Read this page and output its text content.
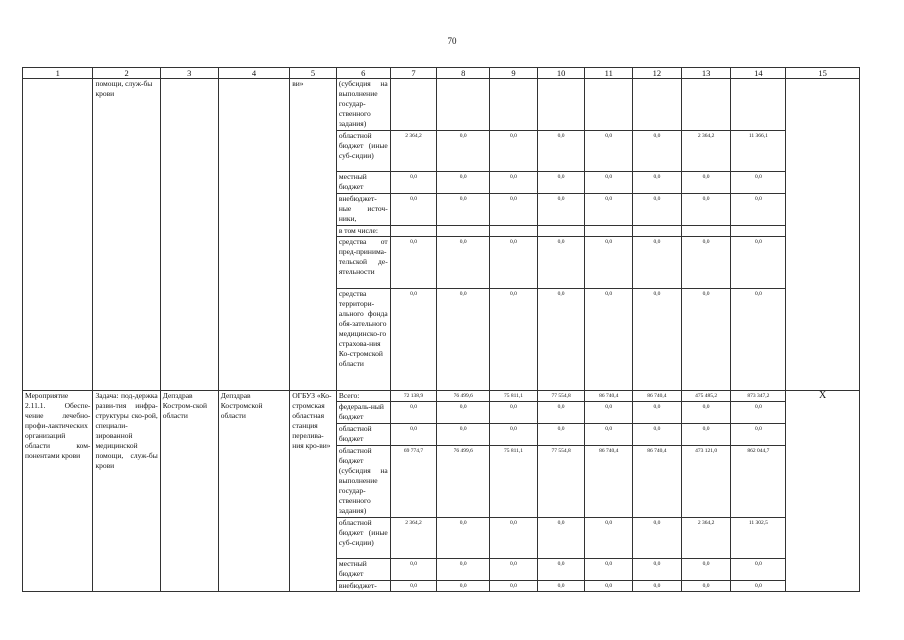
70
1	2	3	4	5	6	7	8	9	10	11	12	13	14	15
	помощи, служ-бы крови			ви»	(субсидия на выполнение государ-ственного задания)									
					областной бюджет (иные суб-сидии)	2 364,2	0,0	0,0	0,0	0,0	0,0	2 364,2	11 366,1	
					местный бюджет	0,0	0,0	0,0	0,0	0,0	0,0	0,0	0,0	
					внебюджет-ные источ-ники,	0,0	0,0	0,0	0,0	0,0	0,0	0,0	0,0	
					в том числе:									
					средства от пред-принима-тельской де-ятельности	0,0	0,0	0,0	0,0	0,0	0,0	0,0	0,0	
					средства территори-ального фонда обя-зательного медицинско-го страхова-ния Ко-стромской области	0,0	0,0	0,0	0,0	0,0	0,0	0,0	0,0	
Мероприятие 2.11.1. Обеспе-чение лечебно-профи-лактических организаций области ком-понентами крови	Задача: под-держка разви-тия инфра-структуры ско-рой, специали-зированной медицинской помощи, служ-бы крови	Депздрав Костром-ской области	Депздрав Костромской области	ОГБУЗ «Ко-стромская областная станция перелива-ния кро-ви»	Всего:	72 138,9	76 499,6	75 811,1	77 554,8	86 740,4	86 740,4	475 485,2	873 347,2	Х
					федераль-ный бюджет	0,0	0,0	0,0	0,0	0,0	0,0	0,0	0,0	
					областной бюджет	0,0	0,0	0,0	0,0	0,0	0,0	0,0	0,0	
					областной бюджет (субсидия на выполнение государ-ственного задания)	69 774,7	76 499,6	75 811,1	77 554,8	86 740,4	86 740,4	473 121,0	862 044,7	
					областной бюджет (иные суб-сидии)	2 364,2	0,0	0,0	0,0	0,0	0,0	2 364,2	11 302,5	
					местный бюджет	0,0	0,0	0,0	0,0	0,0	0,0	0,0	0,0	
					внебюджет-	0,0	0,0	0,0	0,0	0,0	0,0	0,0	0,0	
